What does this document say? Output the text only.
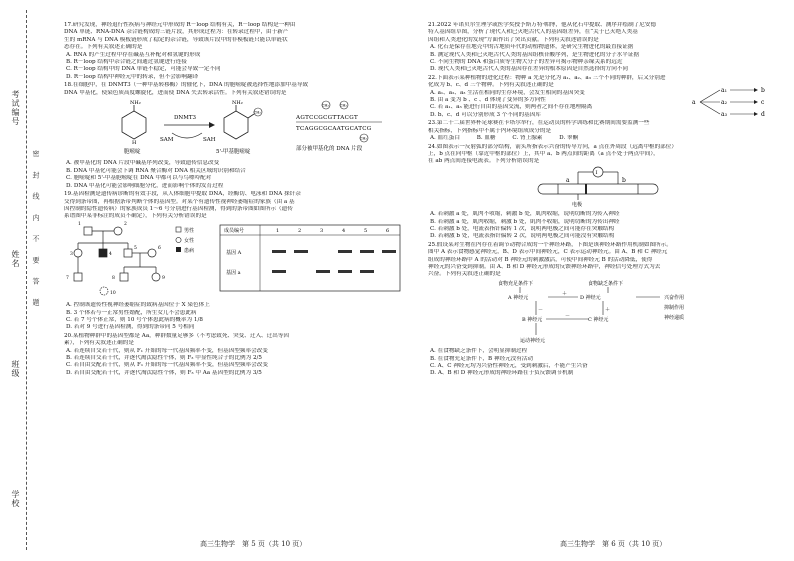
考试编号
姓名
班级
学校
密 封 线 内 不 要 答 题

17.研究发现，神经退行性疾病与神经元中形成的 R－loop 结构有关，R－loop 结构是一种由

DNA 单链、RNA-DNA 杂合链构成的三链片段，其形成过程为：在转录过程中，由于新产

生的 mRNA 与 DNA 模板链形成了稳定的杂合链，导致该片段中的非模板链只能以单链状

态存在。下列有关叙述正确的是

A. RNA 的产生过程中存在碱基互补配对和氢键的形成

B. R－loop 结构中杂合链之间通过氢键进行连接

C. R－loop 结构中的 DNA 单链不稳定，可能会导致一定不同

D. R－loop 结构中神经元中的转录，但不会影响翻译

18.在细胞中，在 DNMT3（一种甲基转移酶）的催化下，DNA 的胞嘧啶被选择性地添加甲基导致

DNA 甲基化，使染色质高度螺旋化，进而使 DNA 失去转录活性。下列有关叙述错误的是

NH₂
H
胞嘧啶
DNMT3
SAM	SAH
NH₂
CH₃
5'-甲基胞嘧啶
CH₃	CH₃
AGTCCGCGTTACGT
TCAGGCGCAATGCATCG
CH₃
部分被甲基化的 DNA 片段

A. 被甲基化的 DNA 片段中碱基序列改变，导致遗传信息改变

B. DNA 甲基化可能会下调 RNA 聚合酶对 DNA 相关区域的识别和结合

C. 胞嘧啶和 5'-甲基胞嘧啶在 DNA 中都可以与鸟嘌呤配对

D. DNA 甲基化可能会影响细胞分化，进而影响个体的发育过程

19.基因检测是遗传病诊断的有效手段，从人体细胞中提取 DNA，经酶切、电泳和 DNA 探针杂

交得到条带图，再根据条带判断个体的基因型。对某个有遗传性视神经萎缩症的家族（由 a 基

因控制的隐性遗传病）的家族成员 1～6 号分别进行基因检测，得到的条带图如图所示（遗传

系谱图中某非标注的成员不确定），下列有关分析错误的是

1	2
3	4
5	6
7	8	9
10
男性
女性
患病
成员编号
基因 A
基因 a
1	2	3	4	5	6

A. 控制该遗传性视神经萎缩症的致病基因位于 X 染色体上

B. 3 个体若与一正常男性婚配，所生女儿不会患此病

C. 若 7 号个体正常，则 10 号个体患此病的概率为 1/8

D. 若对 9 号进行基因检测，得到的条带同 5 号相同

20.某植物种群中的基因型都是 Aa，种群数量足够多（不考虑致死、突变、迁入、迁出等因

素），下列有关叙述正确的是

A. 若连续自交若干代，则从 F₁ 开始的每一代基因频率不变，但基因型频率会改变

B. 若连续自交若干代，并逐代淘汰隐性个体，则 F₃ 中显性纯合子的比例为 2/5

C. 若自由交配若干代，则从 F₁ 开始的每一代基因频率不变，但基因型频率会改变

D. 若自由交配若干代，并逐代淘汰隐性个体，则 F₃ 中 Aa 基因型的比例为 3/5

高三生物学　第 5 页（共 10 页）

21.2022 年诺贝尔生理学或医学奖授予斯万特·帕博，他从化石中提取、测序并绘制了尼安德

特人基因组草图，分析了现代人和已灭绝古代人的基因组差异，在“关于已灭绝人类基

因组和人类进化的发现”方面作出了突出贡献。下列有关叙述错误的是

A. 化石是保存在地壳中的古地质年代的动植物遗体，是研究生物进化的最直接证据

B. 测定现代人类和已灭绝古代人类的基因组核苷酸序列，是生物进化的分子水平证据

C. 不同生物的 DNA 和蛋白质等生物大分子的差异可揭示物种亲缘关系的远近

D. 现代人类和已灭绝古代人类的基因存在差异的根本原因是自然选择的方向不同

22.下面表示某种植物的进化过程：物种 a 先是分化为 a₁、a₂、a₃ 三个不同的种群，后又分别进

化成为 b、c、d 三个物种。下列有关叙述正确的是

A. a₁、a₂、a₃ 生活在相同的生存环境，会发生相同的基因突变

B. 由 a 变为 b 、c 、d 体现了变异的多方向性

C. 若 a₁、a₃ 能进行自由的基因交流，则两者之间不存在地理隔离

D. b、c、d 可以分别形成 3 个不同的基因库

a
a₁
a₂
a₃
b
c
d

23.第二十二届世界杯足球赛在卡塔尔举行，在运动员的科学训练和比赛期间需要监测一些

相关指标，下列指标中不属于内环境组成成分的是

A. 血红蛋白　　　B. 血糖　　　C. 肾上腺素　　　D. 睾酮

24.如图表示一反射弧的部分结构，箭头所指表示兴奋的传导方向，a 点在外周段（远离中枢的部位）

上，b 点在向中枢（靠近中枢的部位）上，其中 a、b 两点间的距离（a 点不处于两点中间），

在 ab 两点间连接电流表。下列分析错误的是

I
a	b
电极

A. 若刺激 a 处，肌肉不收缩，刺激 b 处，肌肉收缩，说明切断的为传入神经

B. 若刺激 a 处，肌肉收缩，刺激 b 处，肌肉不收缩，说明切断的为传出神经

C. 若刺激 b 处，电流表指针偏转 1 次，说明两电极之间可能存在突触结构

D. 若刺激 b 处，电流表指针偏转 2 次，说明两电极之间可能没有突触结构

25.假设某对生物在内存在着调节动物合成的一个神经环路，下图是该神经环路作用机制如图所示。

图中 A 表示食物感觉神经元，B、D 表示中间神经元，C 表示运动神经元。由 A、B 和 C 神经元

组成的神经环路中 A 的活动对 B 神经元的刺激激活，可使中间神经元 B 的活动降低，使得

神经元的兴奋受到抑制。由 A、B 和 D 神经元形成的反馈神经环路中，神经信号处理方式为去

兴奋。下列有关叙述正确的是

食物充足条件下	食物缺乏条件下
A 神经元	D 神经元
B 神经元	C 神经元
＋
－	＋
－
运动神经元
兴奋作用
抑制作用
神经递质

A. 在食物缺乏条件下，会明显抑制过程

B. 在食物充足条件下，B 神经元没有活动

C. A、C 神经元均为兴奋性神经元，受到刺激后，不能产生兴奋

D. A、B 和 D 神经元形成的神经环路在于负反馈调节机制

高三生物学　第 6 页（共 10 页）
